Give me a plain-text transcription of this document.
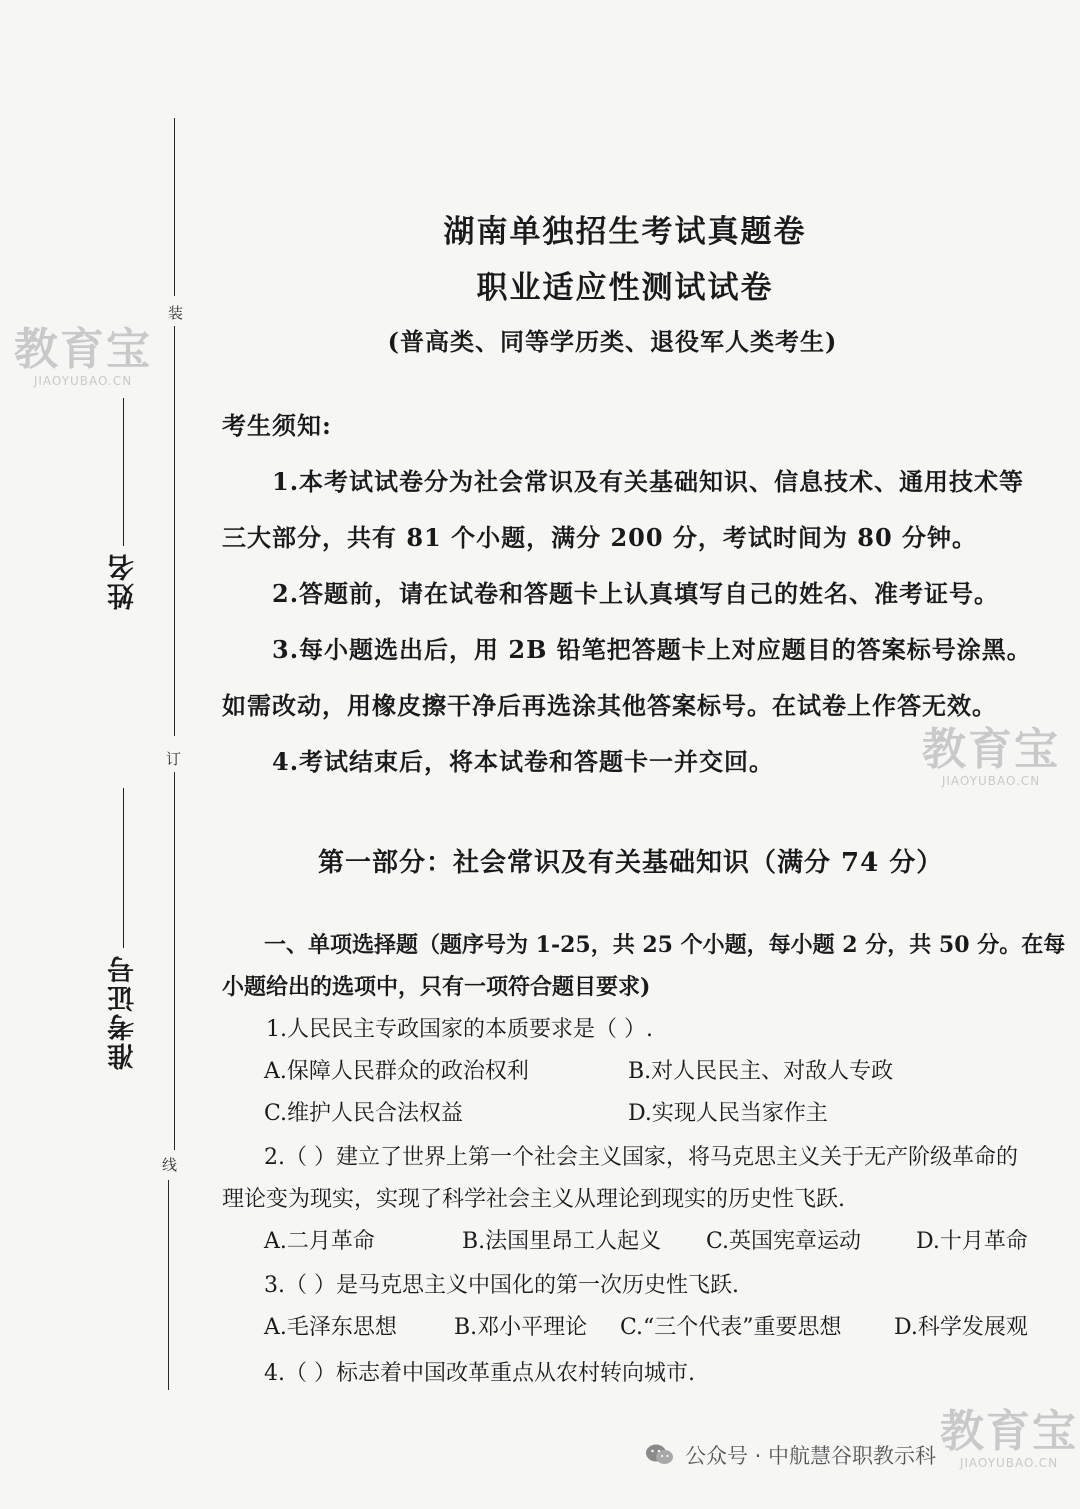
装
订
线
姓名
准考证号
教育宝
JIAOYUBAO.CN
教育宝
JIAOYUBAO.CN
教育宝
JIAOYUBAO.CN
湖南单独招生考试真题卷
职业适应性测试试卷
(普高类、同等学历类、退役军人类考生)
考生须知:
1.本考试试卷分为社会常识及有关基础知识、信息技术、通用技术等
三大部分，共有 81 个小题，满分 200 分，考试时间为 80 分钟。
2.答题前，请在试卷和答题卡上认真填写自己的姓名、准考证号。
3.每小题选出后，用 2B 铅笔把答题卡上对应题目的答案标号涂黑。
如需改动，用橡皮擦干净后再选涂其他答案标号。在试卷上作答无效。
4.考试结束后，将本试卷和答题卡一并交回。
第一部分：社会常识及有关基础知识（满分 74 分）
一、单项选择题（题序号为 1-25，共 25 个小题，每小题 2 分，共 50 分。在每
小题给出的选项中，只有一项符合题目要求)
1.人民民主专政国家的本质要求是（ ）.
A.保障人民群众的政治权利	B.对人民民主、对敌人专政
C.维护人民合法权益	D.实现人民当家作主
2.（ ）建立了世界上第一个社会主义国家，将马克思主义关于无产阶级革命的
理论变为现实，实现了科学社会主义从理论到现实的历史性飞跃.
A.二月革命	B.法国里昂工人起义 C.英国宪章运动 D.十月革命
3.（ ）是马克思主义中国化的第一次历史性飞跃.
A.毛泽东思想	B.邓小平理论 C.“三个代表”重要思想 D.科学发展观
4.（ ）标志着中国改革重点从农村转向城市.
公众号 · 中航慧谷职教示科
